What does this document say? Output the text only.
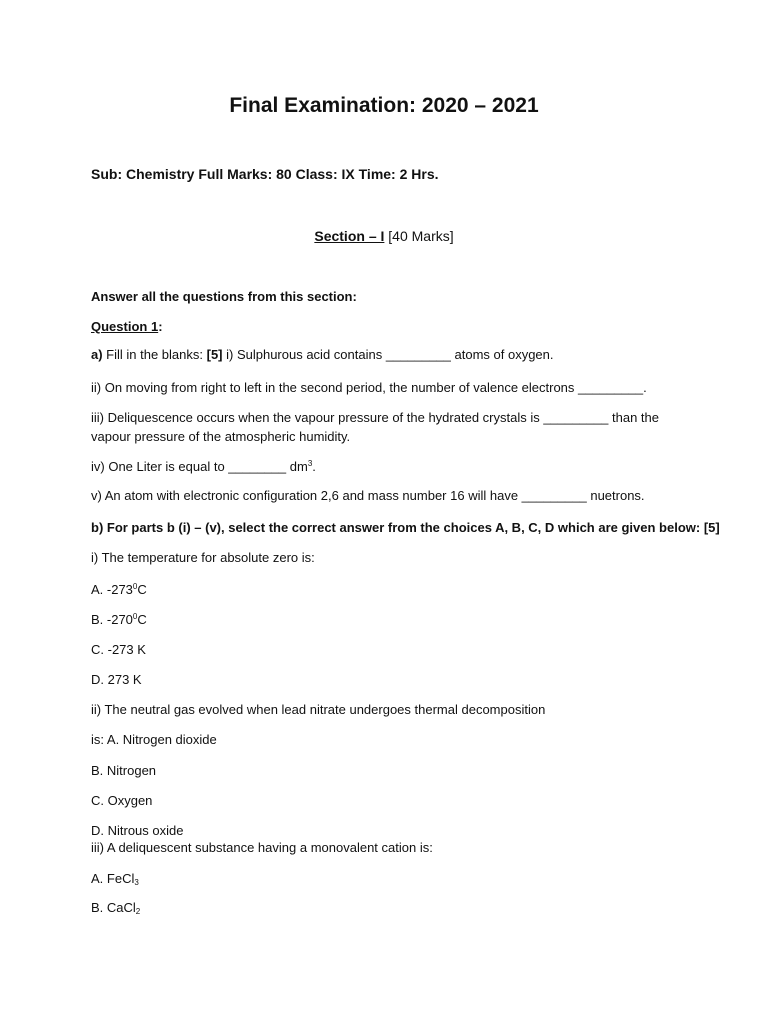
Final Examination: 2020 – 2021
Sub: Chemistry Full Marks: 80 Class: IX Time: 2 Hrs.
Section – I [40 Marks]
Answer all the questions from this section:
Question 1:
a) Fill in the blanks: [5] i) Sulphurous acid contains _________ atoms of oxygen.
ii) On moving from right to left in the second period, the number of valence electrons _________.
iii) Deliquescence occurs when the vapour pressure of the hydrated crystals is _________ than the
vapour pressure of the atmospheric humidity.
iv) One Liter is equal to ________ $dm^3$.
v) An atom with electronic configuration 2,6 and mass number 16 will have _________ nuetrons.
b) For parts b (i) – (v), select the correct answer from the choices A, B, C, D which are given below: [5]
i) The temperature for absolute zero is:
A. $-273^0C$
B. $-270^0C$
C. -273 K
D. 273 K
ii) The neutral gas evolved when lead nitrate undergoes thermal decomposition
is: A. Nitrogen dioxide
B. Nitrogen
C. Oxygen
D. Nitrous oxide
iii) A deliquescent substance having a monovalent cation is:
A. FeCl$_3$
B. CaCl$_2$
